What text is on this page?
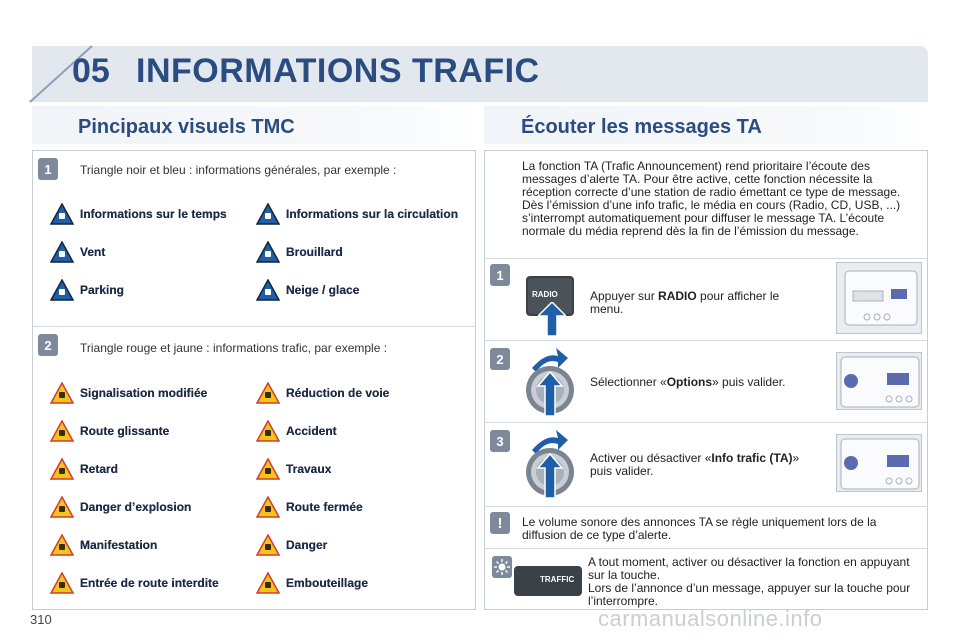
05 INFORMATIONS TRAFIC
Pincipaux visuels TMC
1	Triangle noir et bleu : informations générales, par exemple :
Informations sur le temps	Informations sur la circulation
Vent	Brouillard
Parking	Neige / glace
2	Triangle rouge et jaune : informations trafic, par exemple :
Signalisation modifiée	Réduction de voie
Route glissante	Accident
Retard	Travaux
Danger d’explosion	Route fermée
Manifestation	Danger
Entrée de route interdite	Embouteillage
Écouter les messages TA
La fonction TA (Trafic Announcement) rend prioritaire l’écoute des messages d’alerte TA. Pour être active, cette fonction nécessite la réception correcte d’une station de radio émettant ce type de message. Dès l’émission d’une info trafic, le média en cours (Radio, CD, USB, ...) s’interrompt automatiquement pour diffuser le message TA. L’écoute normale du média reprend dès la fin de l’émission du message.
1
RADIO	Appuyer sur RADIO pour afficher le menu.
2
Sélectionner «Options» puis valider.
3
Activer ou désactiver «Info trafic (TA)» puis valider.
!	Le volume sonore des annonces TA se règle uniquement lors de la diffusion de ce type d’alerte.
TRAFFIC
A tout moment, activer ou désactiver la fonction en appuyant sur la touche.
Lors de l’annonce d’un message, appuyer sur la touche pour l’interrompre.
310	carmanualsonline.info
